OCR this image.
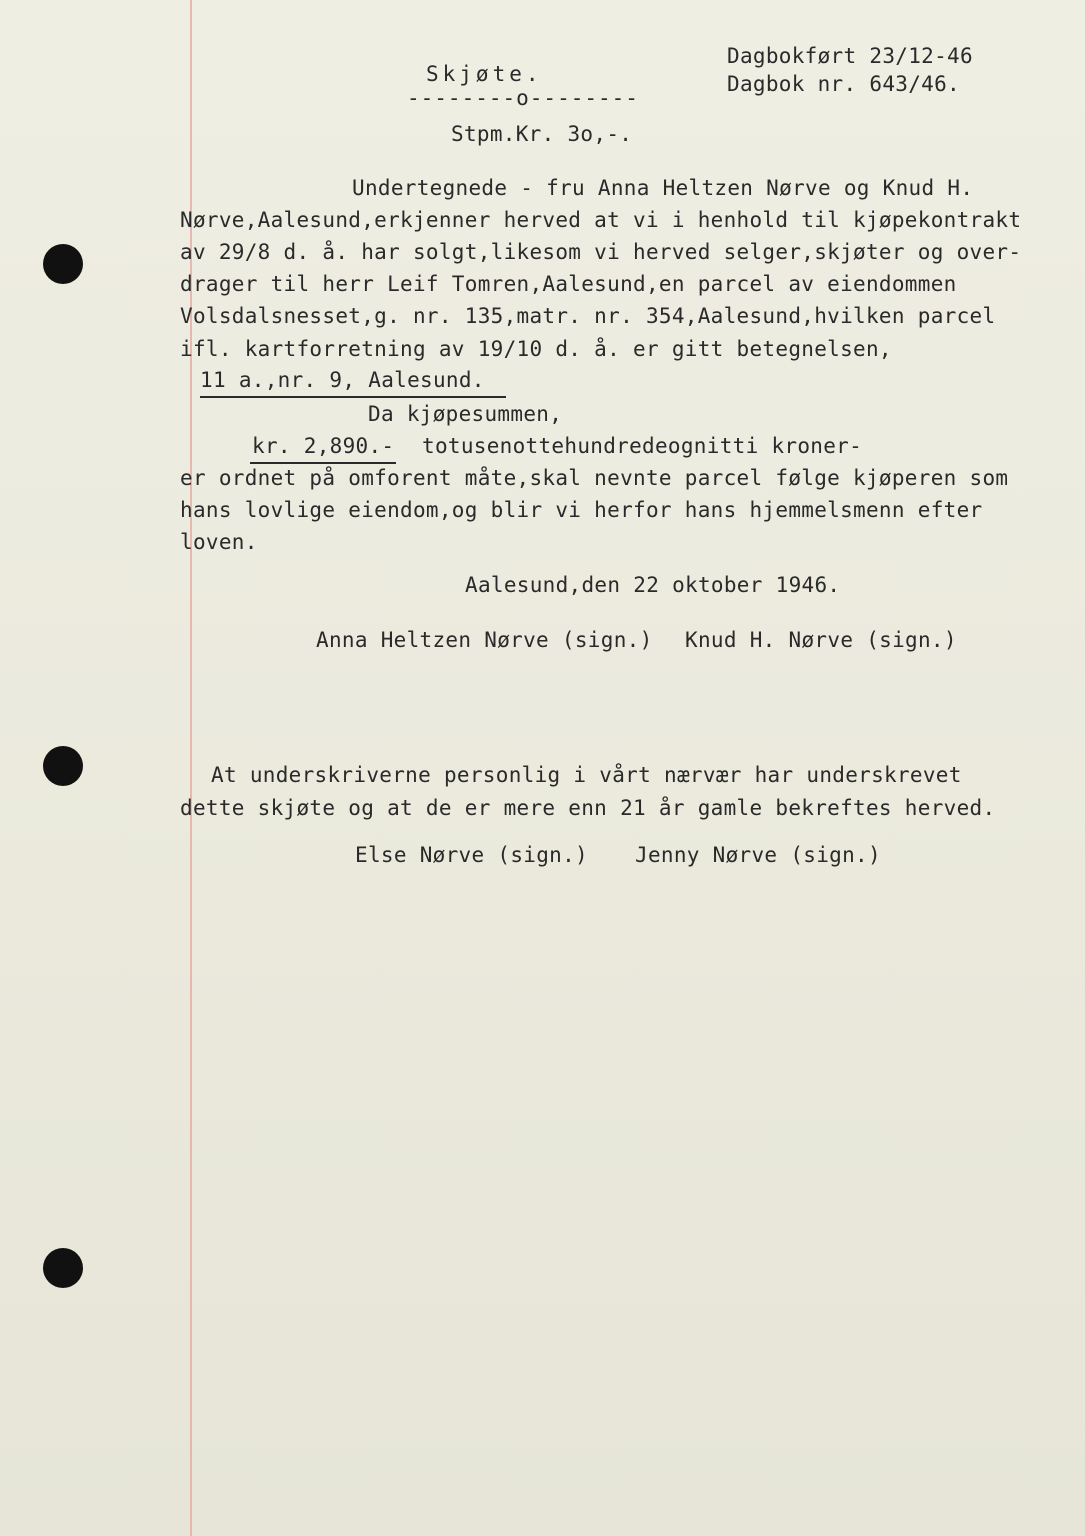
Skjøte.
--------o--------
Dagbokført 23/12-46
Dagbok nr. 643/46.
Stpm.Kr. 3o,-.
Undertegnede - fru Anna Heltzen Nørve og Knud H.
Nørve,Aalesund,erkjenner herved at vi i henhold til kjøpekontrakt
av 29/8 d. å. har solgt,likesom vi herved selger,skjøter og over-
drager til herr Leif Tomren,Aalesund,en parcel av eiendommen
Volsdalsnesset,g. nr. 135,matr. nr. 354,Aalesund,hvilken parcel
ifl. kartforretning av 19/10 d. å. er gitt betegnelsen,
11 a.,nr. 9, Aalesund.
Da kjøpesummen,
kr. 2,890.- totusenottehundredeognitti kroner-
er ordnet på omforent måte,skal nevnte parcel følge kjøperen som
hans lovlige eiendom,og blir vi herfor hans hjemmelsmenn efter
loven.
Aalesund,den 22 oktober 1946.
Anna Heltzen Nørve (sign.) Knud H. Nørve (sign.)
At underskriverne personlig i vårt nærvær har underskrevet
dette skjøte og at de er mere enn 21 år gamle bekreftes herved.
Else Nørve (sign.) Jenny Nørve (sign.)
